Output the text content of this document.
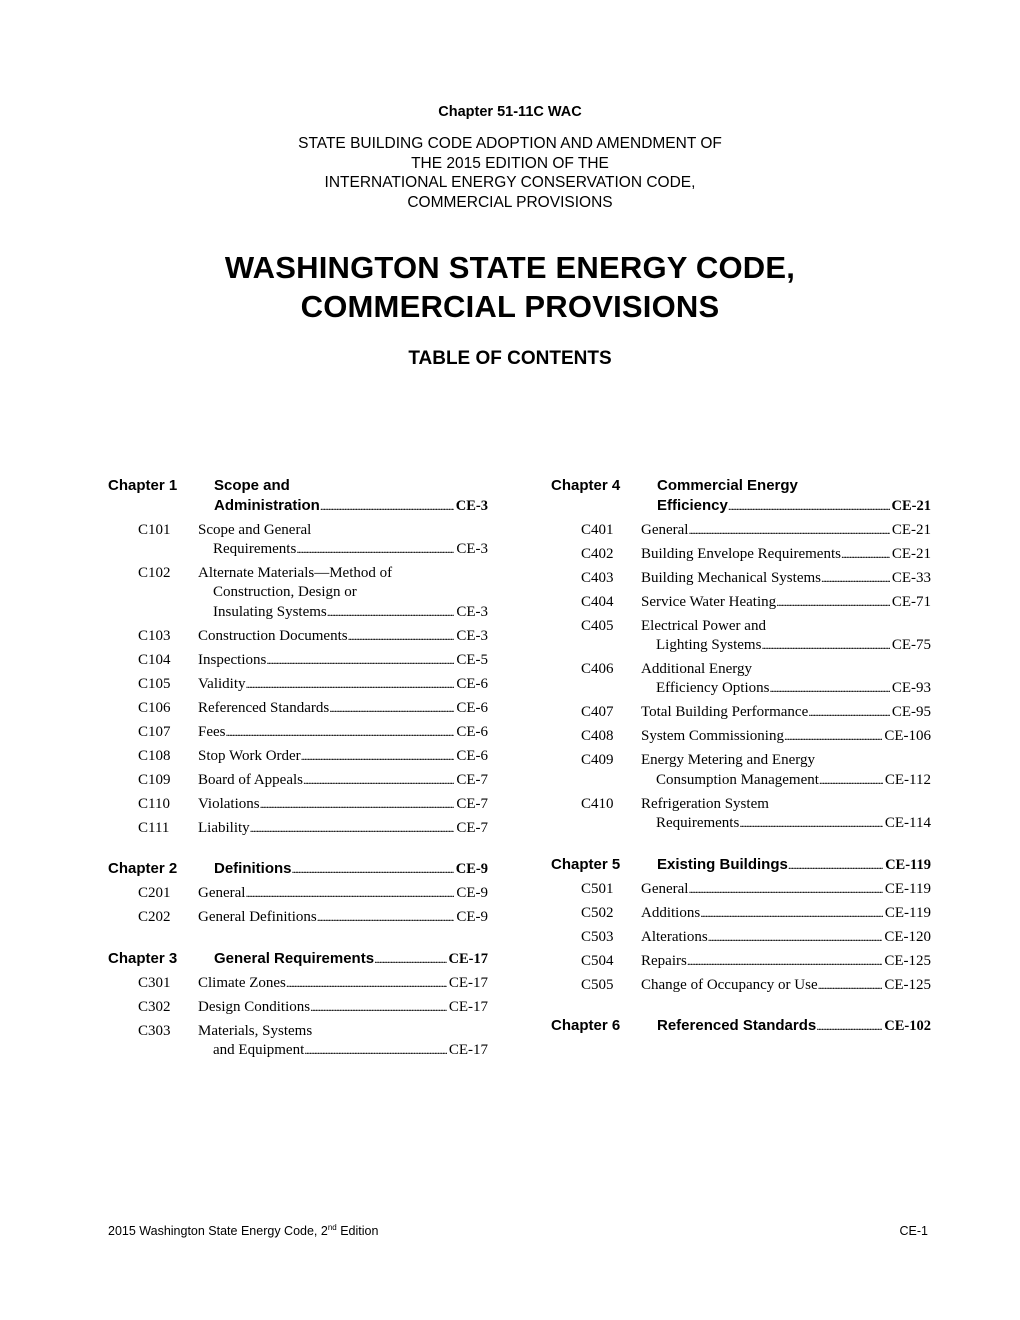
Chapter 51-11C WAC
STATE BUILDING CODE ADOPTION AND AMENDMENT OF
THE 2015 EDITION OF THE
INTERNATIONAL ENERGY CONSERVATION CODE,
COMMERCIAL PROVISIONS
WASHINGTON STATE ENERGY CODE,
COMMERCIAL PROVISIONS
TABLE OF CONTENTS
Chapter 1 Scope and
Administration . . .	CE-3
C101 Scope and General
Requirements . . .	CE-3
C102 Alternate Materials—Method of
Construction, Design or
Insulating Systems . . .	CE-3
C103 Construction Documents . . .	CE-3
C104 Inspections . . .	CE-5
C105 Validity . . .	CE-6
C106 Referenced Standards . . .	CE-6
C107 Fees . . .	CE-6
C108 Stop Work Order . . .	CE-6
C109 Board of Appeals . . .	CE-7
C110 Violations . . .	CE-7
C111 Liability . . .	CE-7
Chapter 2 Definitions . . .	CE-9
C201 General . . .	CE-9
C202 General Definitions . . .	CE-9
Chapter 3 General Requirements . . .	CE-17
C301 Climate Zones . . .	CE-17
C302 Design Conditions . . .	CE-17
C303 Materials, Systems
and Equipment . . .	CE-17
Chapter 4 Commercial Energy
Efficiency . . .	CE-21
C401 General . . .	CE-21
C402 Building Envelope Requirements . . .	CE-21
C403 Building Mechanical Systems . . .	CE-33
C404 Service Water Heating . . .	CE-71
C405 Electrical Power and
Lighting Systems . . .	CE-75
C406 Additional Energy
Efficiency Options . . .	CE-93
C407 Total Building Performance . . .	CE-95
C408 System Commissioning . . .	CE-106
C409 Energy Metering and Energy
Consumption Management . . .	CE-112
C410 Refrigeration System
Requirements . . .	CE-114
Chapter 5 Existing Buildings . . .	CE-119
C501 General . . .	CE-119
C502 Additions . . .	CE-119
C503 Alterations . . .	CE-120
C504 Repairs . . .	CE-125
C505 Change of Occupancy or Use . . .	CE-125
Chapter 6 Referenced Standards . . .	CE-102
2015 Washington State Energy Code, 2nd Edition	CE-1
